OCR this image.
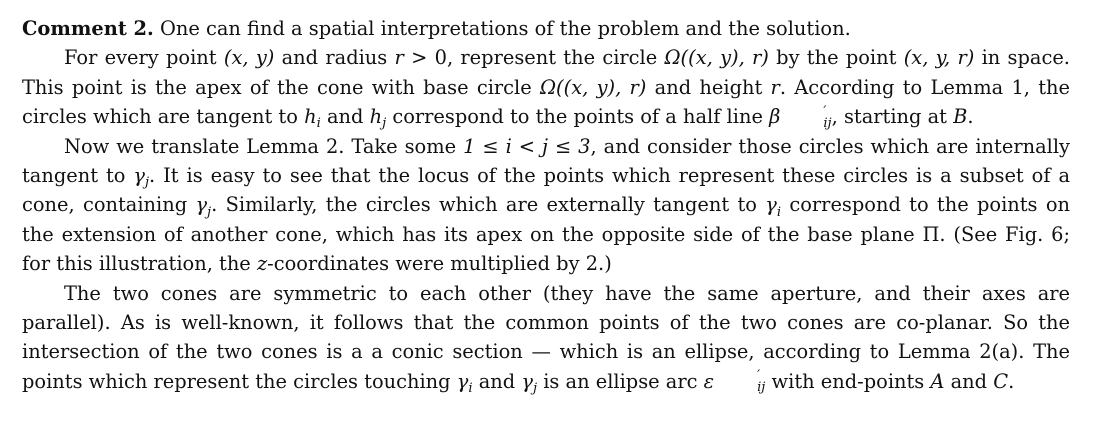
Comment 2. One can find a spatial interpretations of the problem and the solution.

For every point (x, y) and radius r > 0, represent the circle Ω((x, y), r) by the point (x, y, r) in space. This point is the apex of the cone with base circle Ω((x, y), r) and height r. According to Lemma 1, the circles which are tangent to $h_i$ and $h_j$ correspond to the points of a half line β	′
ij , starting at B.

Now we translate Lemma 2. Take some 1 ≤ i < j ≤ 3, and consider those circles which are internally tangent to $\gamma_j$. It is easy to see that the locus of the points which represent these circles is a subset of a cone, containing $\gamma_j$. Similarly, the circles which are externally tangent to $\gamma_i$ correspond to the points on the extension of another cone, which has its apex on the opposite side of the base plane Π. (See Fig. 6; for this illustration, the z-coordinates were multiplied by 2.)

The two cones are symmetric to each other (they have the same aperture, and their axes are parallel). As is well-known, it follows that the common points of the two cones are co-planar. So the intersection of the two cones is a a conic section — which is an ellipse, according to Lemma 2(a). The points which represent the circles touching $\gamma_i$ and $\gamma_j$ is an ellipse arc ε	′
ij with end-points A and C.
